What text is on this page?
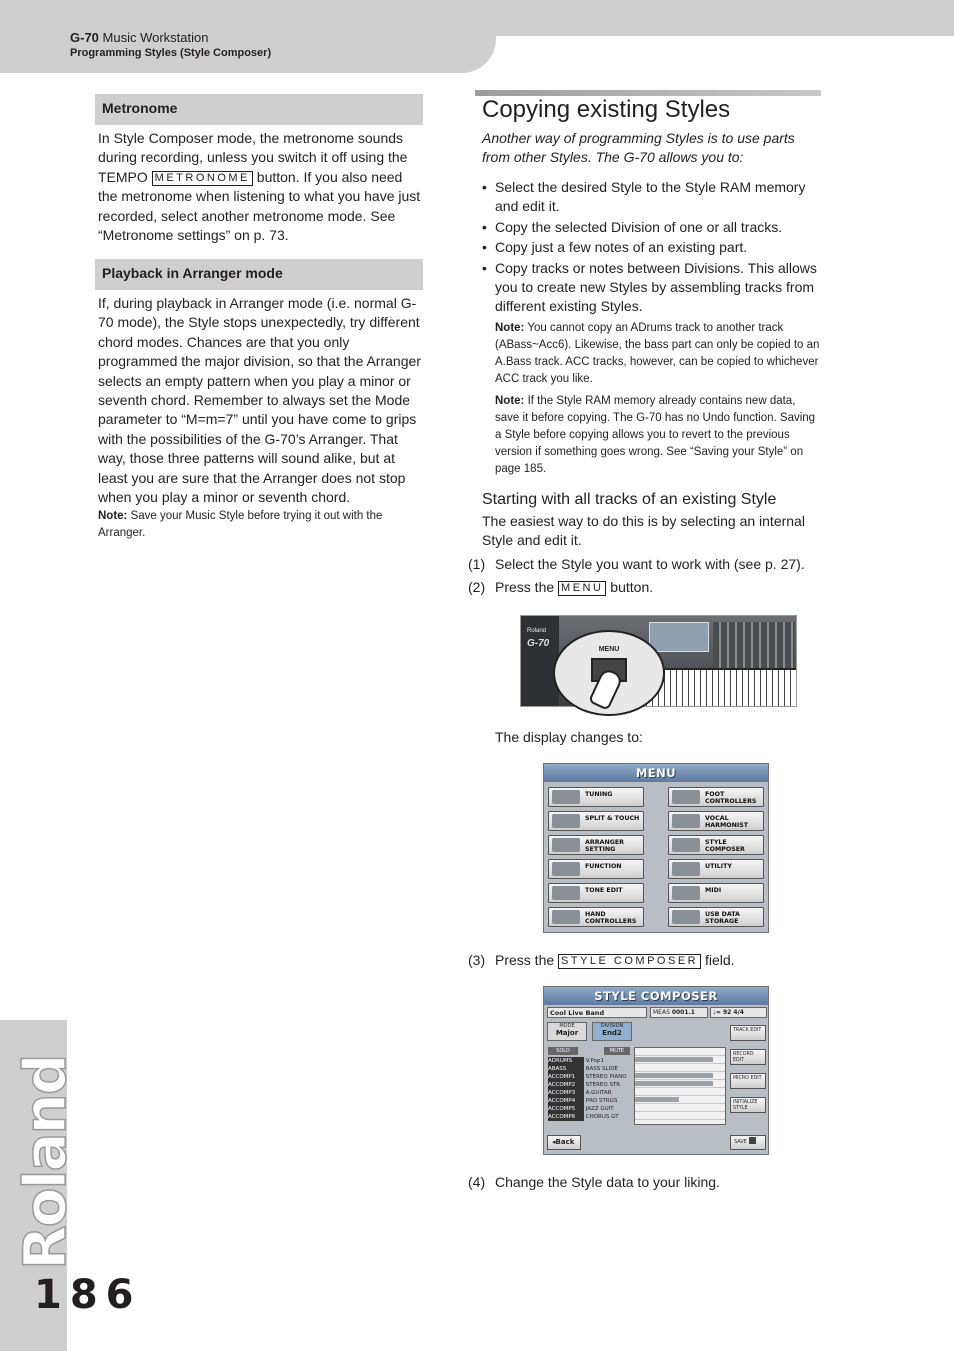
G-70 Music Workstation
Programming Styles (Style Composer)
Roland
186
Metronome
In Style Composer mode, the metronome sounds during recording, unless you switch it off using the TEMPO METRONOME button. If you also need the metronome when listening to what you have just recorded, select another metronome mode. See “Metronome settings” on p. 73.
Playback in Arranger mode
If, during playback in Arranger mode (i.e. normal G-70 mode), the Style stops unexpectedly, try different chord modes. Chances are that you only programmed the major division, so that the Arranger selects an empty pattern when you play a minor or seventh chord. Remember to always set the Mode parameter to “M=m=7” until you have come to grips with the possibilities of the G-70’s Arranger. That way, those three patterns will sound alike, but at least you are sure that the Arranger does not stop when you play a minor or seventh chord.
Note: Save your Music Style before trying it out with the Arranger.
Copying existing Styles
Another way of programming Styles is to use parts from other Styles. The G-70 allows you to:
• Select the desired Style to the Style RAM memory and edit it.
• Copy the selected Division of one or all tracks.
• Copy just a few notes of an existing part.
• Copy tracks or notes between Divisions. This allows you to create new Styles by assembling tracks from different existing Styles.
Note: You cannot copy an ADrums track to another track (ABass~Acc6). Likewise, the bass part can only be copied to an A.Bass track. ACC tracks, however, can be copied to whichever ACC track you like.
Note: If the Style RAM memory already contains new data, save it before copying. The G-70 has no Undo function. Saving a Style before copying allows you to revert to the previous version if something goes wrong. See “Saving your Style” on page 185.
Starting with all tracks of an existing Style
The easiest way to do this is by selecting an internal Style and edit it.
(1) Select the Style you want to work with (see p. 27).
(2) Press the MENU button.
Roland
G-70
MENU
The display changes to:
MENU
TUNING
SPLIT & TOUCH
ARRANGER SETTING
FUNCTION
TONE EDIT
HAND CONTROLLERS
FOOT CONTROLLERS
VOCAL HARMONIST
STYLE COMPOSER
UTILITY
MIDI
USB DATA STORAGE
(3) Press the STYLE COMPOSER field.
STYLE COMPOSER
Cool Live Band	MEAS 0001.1	♩= 92 4/4
MODE
Major
DIVISION
End2
SOLO	MUTE
ADRUMS V.Pop1
ABASS	BASS SLIDE
ACCOMP1 STEREO PIANO
ACCOMP2 STEREO STR
ACCOMP3 A.GUITAR
ACCOMP4 PRO STRGS
ACCOMP5 JAZZ GUIT
ACCOMP6 CHORUS GT
TRACK EDIT
RECORD EDIT
MICRO EDIT
INITIALIZE STYLE
◂Back	SAVE
(4) Change the Style data to your liking.
